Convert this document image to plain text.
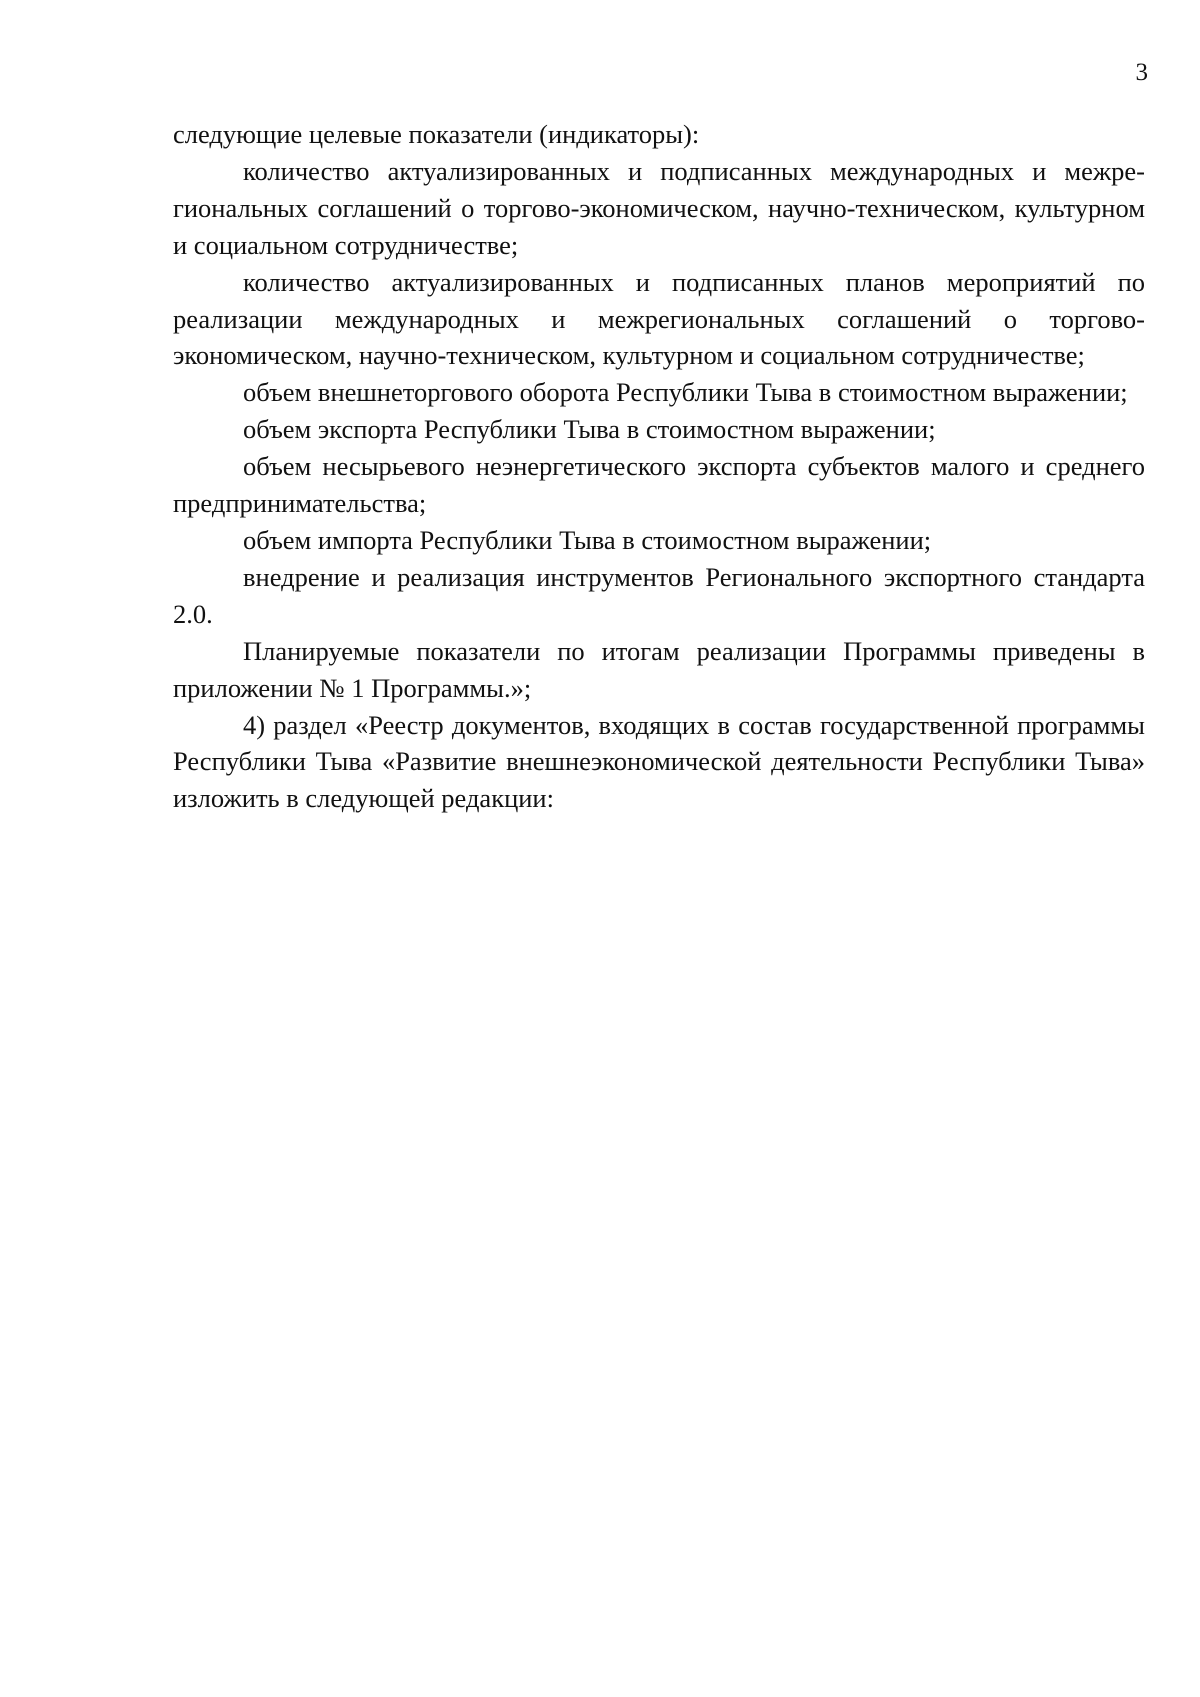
3

следующие целевые показатели (индикаторы):

количество актуализированных и подписанных международных и межрегиональных соглашений о торгово-экономическом, научно-техническом, культурном и социальном сотрудничестве;

количество актуализированных и подписанных планов мероприятий по реализации международных и межрегиональных соглашений о торгово-экономическом, научно-техническом, культурном и социальном сотрудничестве;

объем внешнеторгового оборота Республики Тыва в стоимостном выражении;

объем экспорта Республики Тыва в стоимостном выражении;

объем несырьевого неэнергетического экспорта субъектов малого и среднего предпринимательства;

объем импорта Республики Тыва в стоимостном выражении;

внедрение и реализация инструментов Регионального экспортного стандарта 2.0.

Планируемые показатели по итогам реализации Программы приведены в приложении № 1 Программы.»;

4) раздел «Реестр документов, входящих в состав государственной программы Республики Тыва «Развитие внешнеэкономической деятельности Республики Тыва» изложить в следующей редакции:
